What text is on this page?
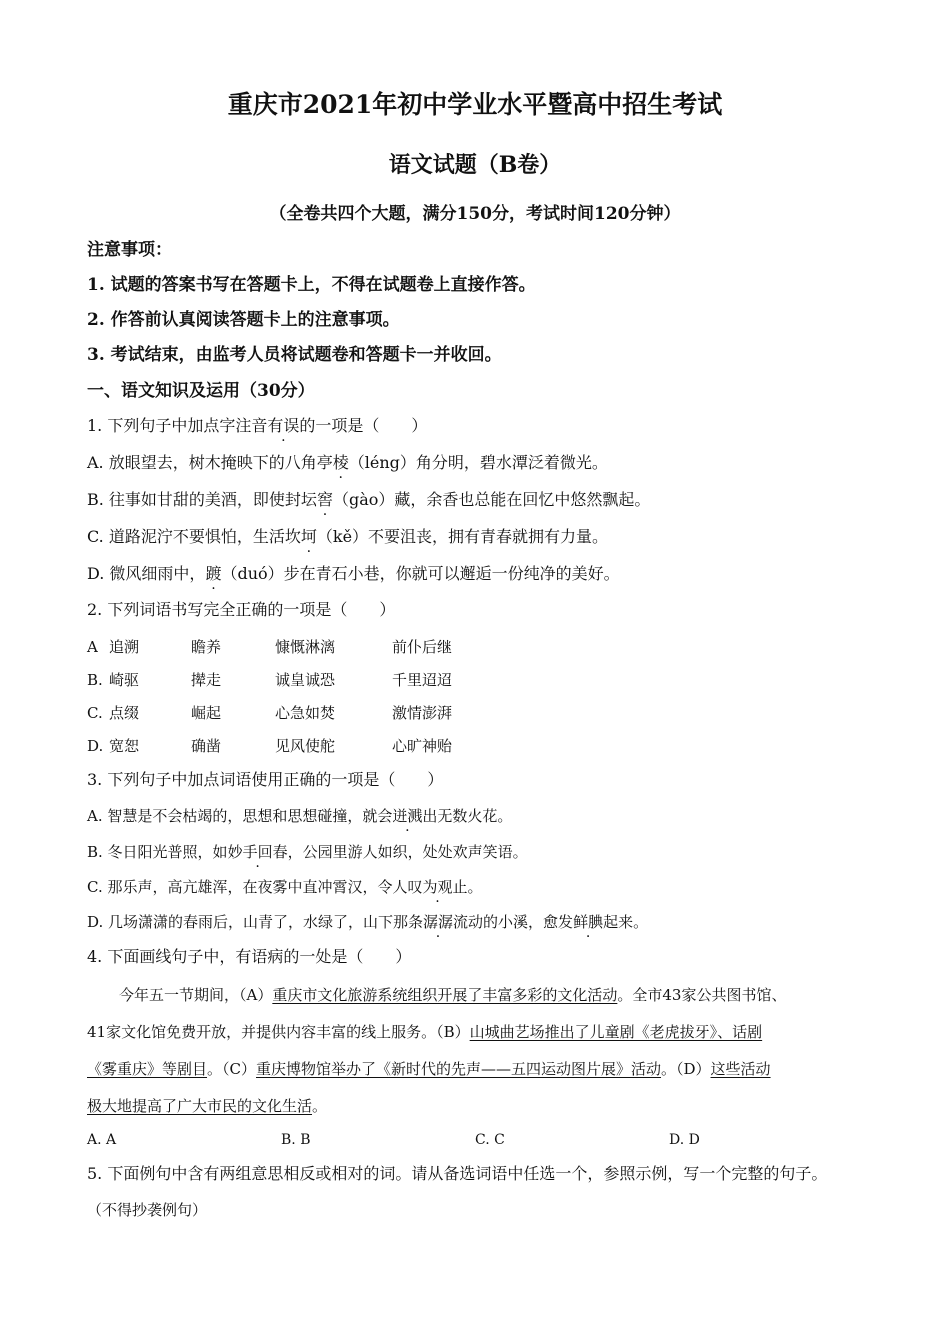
重庆市2021年初中学业水平暨高中招生考试
语文试题（B卷）
（全卷共四个大题，满分150分，考试时间120分钟）
注意事项：
1. 试题的答案书写在答题卡上，不得在试题卷上直接作答。
2. 作答前认真阅读答题卡上的注意事项。
3. 考试结束，由监考人员将试题卷和答题卡一并收回。
一、语文知识及运用（30分）
1. 下列句子中加点字注音有误的一项是（　　）
A. 放眼望去，树木掩映下的八角亭棱（léng）角分明，碧水潭泛着微光。
B. 往事如甘甜的美酒，即使封坛窖（gào）藏，余香也总能在回忆中悠然飘起。
C. 道路泥泞不要惧怕，生活坎坷（kě）不要沮丧，拥有青春就拥有力量。
D. 微风细雨中，踱（duó）步在青石小巷，你就可以邂逅一份纯净的美好。
2. 下列词语书写完全正确的一项是（　　）
A 追溯	瞻养	慷慨淋漓	前仆后继
B. 崎驱	撵走	诚皇诚恐	千里迢迢
C. 点缀	崛起	心急如焚	激情澎湃
D. 宽恕	确凿	见风使舵	心旷神贻
3. 下列句子中加点词语使用正确的一项是（　　）
A. 智慧是不会枯竭的，思想和思想碰撞，就会迸溅出无数火花。
B. 冬日阳光普照，如妙手回春，公园里游人如织，处处欢声笑语。
C. 那乐声，高亢雄浑，在夜雾中直冲霄汉，令人叹为观止。
D. 几场潇潇的春雨后，山青了，水绿了，山下那条潺潺流动的小溪，愈发鲜腆起来。
4. 下面画线句子中，有语病的一处是（　　）
今年五一节期间，（A）重庆市文化旅游系统组织开展了丰富多彩的文化活动。全市43家公共图书馆、
41家文化馆免费开放，并提供内容丰富的线上服务。（B）山城曲艺场推出了儿童剧《老虎拔牙》、话剧
《雾重庆》等剧目。（C）重庆博物馆举办了《新时代的先声——五四运动图片展》活动。（D）这些活动
极大地提高了广大市民的文化生活。
A. A	B. B	C. C	D. D
5. 下面例句中含有两组意思相反或相对的词。请从备选词语中任选一个，参照示例，写一个完整的句子。
（不得抄袭例句）
